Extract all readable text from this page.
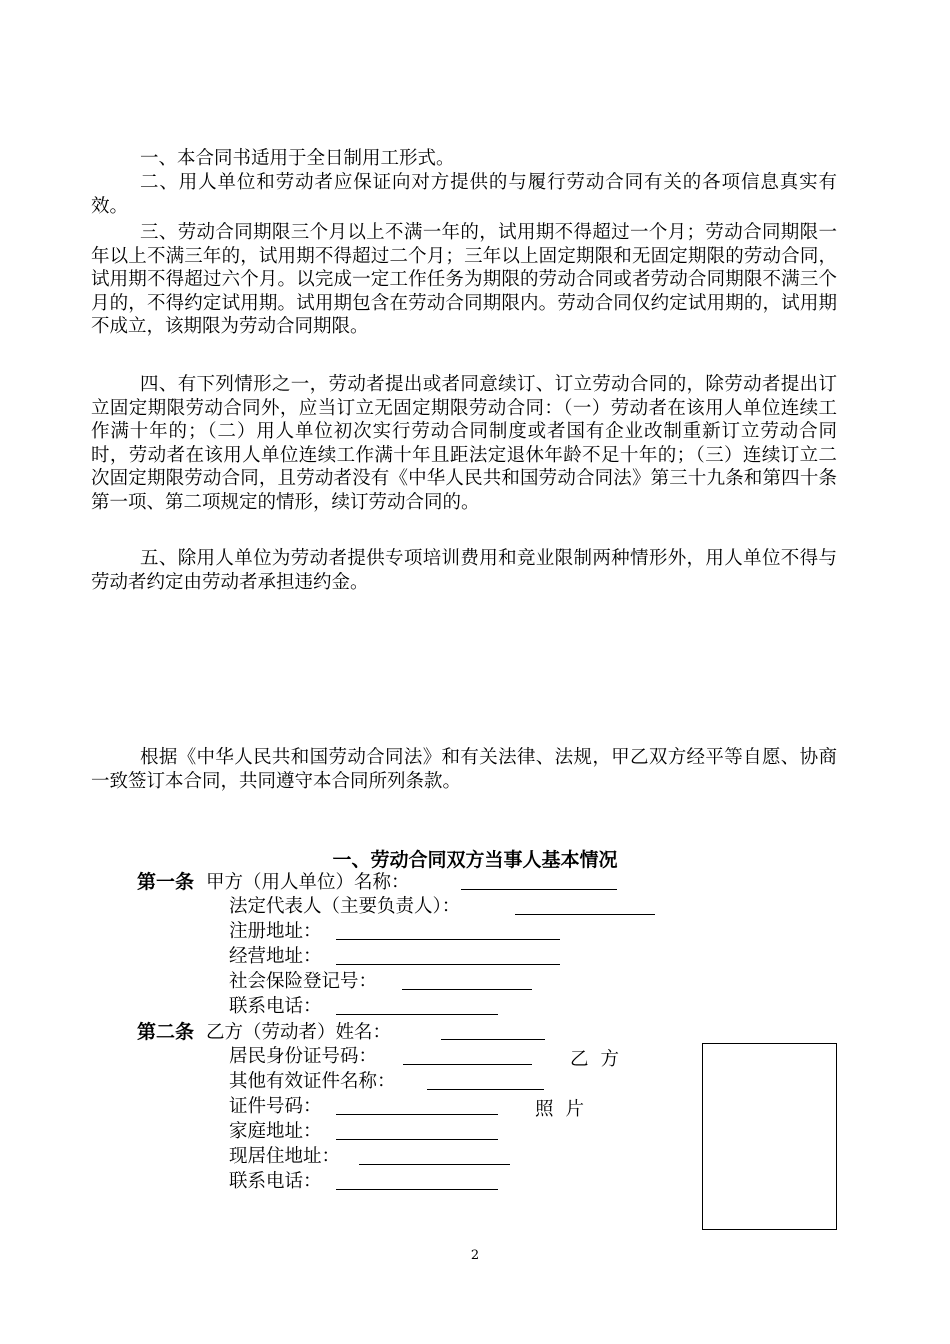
一、本合同书适用于全日制用工形式。

二、用人单位和劳动者应保证向对方提供的与履行劳动合同有关的各项信息真实有效。

三、劳动合同期限三个月以上不满一年的，试用期不得超过一个月；劳动合同期限一年以上不满三年的，试用期不得超过二个月；三年以上固定期限和无固定期限的劳动合同，试用期不得超过六个月。以完成一定工作任务为期限的劳动合同或者劳动合同期限不满三个月的，不得约定试用期。试用期包含在劳动合同期限内。劳动合同仅约定试用期的，试用期不成立，该期限为劳动合同期限。

四、有下列情形之一，劳动者提出或者同意续订、订立劳动合同的，除劳动者提出订立固定期限劳动合同外，应当订立无固定期限劳动合同：（一）劳动者在该用人单位连续工作满十年的；（二）用人单位初次实行劳动合同制度或者国有企业改制重新订立劳动合同时，劳动者在该用人单位连续工作满十年且距法定退休年龄不足十年的；（三）连续订立二次固定期限劳动合同，且劳动者没有《中华人民共和国劳动合同法》第三十九条和第四十条第一项、第二项规定的情形，续订劳动合同的。

五、除用人单位为劳动者提供专项培训费用和竞业限制两种情形外，用人单位不得与劳动者约定由劳动者承担违约金。

根据《中华人民共和国劳动合同法》和有关法律、法规，甲乙双方经平等自愿、协商一致签订本合同，共同遵守本合同所列条款。

一、劳动合同双方当事人基本情况
第一条 甲方（用人单位）名称：
法定代表人（主要负责人）：
注册地址：
经营地址：
社会保险登记号：
联系电话：
第二条 乙方（劳动者）姓名：
居民身份证号码：
其他有效证件名称：
证件号码：
家庭地址：
现居住地址：
联系电话：
乙方
照片
2
